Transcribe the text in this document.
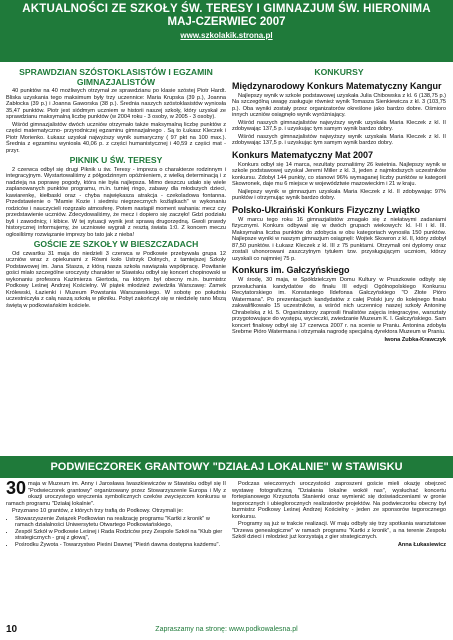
AKTUALNOŚCI ZE SZKOŁY ŚW. TERESY I GIMNAZJUM ŚW. HIERONIMA
MAJ-CZERWIEC 2007
www.szkolakik.strona.pl
SPRAWDZIAN SZÓSTOKLASISTÓW I EGZAMIN GIMNAZJALISTÓW

40 punktów na 40 możliwych otrzymał ze sprawdzianu po klasie szóstej Piotr Hardt. Bliska uzyskania tego maksimum były trzy uczennice: Maria Krupska (39 p.), Joanna Zabłocka (39 p.) i Joanna Gaworska (38 p.). Średnia naszych szóstoklasistów wyniosła 35,47 punktów. Piotr jest siódmym uczniem w historii naszej szkoły, który uzyskał ze sprawdzianu maksymalną liczbę punktów (w 2004 roku - 3 osoby, w 2005 - 3 osoby).

Wśród gimnazjalistów dwóch uczniów otrzymało także maksymalną liczbę punktów z części matematyczno- przyrodniczej egzaminu gimnazjalnego . Są to Łukasz Kleczek i Piotr Morienko. Łukasz uzyskał najwyższy wynik sumaryczny ( 97 pkt na 100 max.). Średnia z egzaminu wyniosła 40,06 p. z części humanistycznej i 40,59 z części mat - przyr.

PIKNIK U ŚW. TERESY

2 czerwca odbył się drugi Piknik u św. Teresy - impreza o charakterze rodzinnym i integracyjnym. Wystartowaliśmy z półgodzinnym opóźnieniem, z wielką determinacją i z nadzieją na poprawę pogody, która nie była najlepsza. Mimo deszczu udało się wiele zaplanowanych punktów programu, m.in. turniej ringo, zabawy dla młodszych dzieci, kawiarenkę, kiełbaski oraz - chyba najwiękasza atrakcja - czekoladowa fontanna. Przedstawienie o "Mamie Kozie i siedmiu niegrzecznych koźlątkach" w wykonaniu rodziców i nauczycieli rozgrzało atmosferę. Potem nastąpił moment wahania: mecz czy przedstawienie uczniów. Zdecydowaliśmy, że mecz i dopiero się zaczęło! Gdzi podziału byli i zawodnicy, i kibice. W tej sytuacji wynik jest sprawą drugorzędną. Gwoli prawdy historycznej informujemy, że uczniowie wygrali z resztą świata 1:0. Z koncem meczu ogłosiliśmy rozwiązanie imprezy bo tato jak z nieba!

GOŚCIE ZE SZKOŁY W BIESZCZADACH

Od czwartku 31 maja do niedzieli 3 czerwca w Podkowie przebywała grupa 12 uczniów wraz z opiekunami z Równi koło Ustrzyk Dolnych, z tamtejszej Szkoły Podstawowej im. Jana Stasza, z którą nasza szkoła nawiązała współpracę. Powitanie gości miało szczególne uroczysty charakter w Stawisku odbył się koncert chopinowski w wykonaniu profesora Kazimierza Giertoda, na którym był obecny m.in. burmistrz Podkowy Leśnej Andrzej Kościelny. W piątek młodzież zwiedziła Warszawę: Zamek Królewski, Łazienki i Muzeum Powstania Warszawskiego. W sobotę po południu uczestniczyła z całą naszą szkołą w pikniku. Pobyt zakończył się w niedzielę rano Mszą świętą w podkowiańskim kościele.

KONKURSY
Międzynarodowy Konkurs Matematyczny Kangur

Najlepszy wynik w szkole podstawowej uzyskała Julia Chibowska z kl. 6 (138,75 p.) Na szczególną uwagę zasługuje również wynik Tomasza Sienkiewicza z kl. 3 (103,75 p.). Oba wyniki zostały przez organizatorów określone jako bardzo dobre. Ośmioro innych uczniów osiągnęło wynik wyróżniający.

Wśród naszych gimnazjalistów najwyższy wynik uzyskała Maria Kleczek z kl. II zdobywając 137,5 p. i uzyskując tym samym wynik bardzo dobry.

Wśród naszych gimnazjalistów najwyższy wynik uzyskała Maria Kleczek z kl. II zdobywając 137,5 p. i uzyskując tym samym wynik bardzo dobry.

Konkurs Matematyczny Mat 2007

Konkurs odbył się 14 marca, rezultaty poznaliśmy 26 kwietnia. Najlepszy wynik w szkole podstawowej uzyskał Jeremi Miller z kl. 3, jeden z najmłodszych uczestników konkursu. Zdobył 144 punkty, co stanowi 96% wymaganej liczby punktów w kategorii Skowronek, daje mu 6 miejsce w województwie mazowieckim i 21 w kraju.

Najlepszy wynik w gimnazjum uzyskała Maria Kleczek z kl. II zdobywając 97% punktów i otrzymując wynik bardzo dobry.

Polsko-Ukraiński Konkurs Fizyczny Lwiątko

W marcu tego roku 16 gimnazjalistów zmagało się z niełatwymi zadaniami fizycznymi. Konkurs odbywał się w dwóch grupach wiekowych: kl. I-II i kl. III. Maksymalna liczba punktów do zdobycia w obu kategoriach wynosiła 150 punktów. Najlepsze wyniki w naszym gimnazjum osiągnęli: Wojtek Skowron z kl. II, który zdobył 87,50 punktów. i Łukasz Kleczek z kl. III z 75 punktami. Otrzymali oni dyplomy oraz zostali uhonorowani zaszczytnym tytułem tzw. przysługującym uczniom, którzy uzyskali co najmniej 75 p.

Konkurs im. Gałczyńskiego

W środę, 30 maja, w Spółdzielczym Domu Kultury w Pruszkowie odbyły się przesłuchania kandydatów do finału III edycji Ogólnopolskiego Konkursu Recytatorskiego im. Konstantego Ildefonsa Gałczyńskiego "O Złote Pióro Watermana". Po prezentacjach kandydatów z całej Polski jury do kolejnego finału zakwalifikowało 15 uczestników, a wśród nich uczennicę naszej szkoły Antoninę Chrabelską z kl. 5. Organizatorzy zaprosili finalistów zajęcia integracyjne, warsztaty przygotowujące do występu, wycieczki, zwiedzanie Muzeum K. I. Gałczyńskiego. Sam koncert finałowy odbył się 17 czerwca 2007 r. na scenie w Praniu. Antonina zdobyła Srebrne Pióro Watermana i otrzymała nagrodę specjalną dyrektora Muzeum w Praniu.

Iwona Zubka-Krawczyk

PODWIECZOREK GRANTOWY "DZIAŁAJ LOKALNIE" W STAWISKU

30 maja w Muzeum im. Anny i Jarosława Iwaszkiewiczów w Stawisku odbył się II "Podwieczorek grantowy" organizowany przez Stowarzyszenie Europa i My z okazji uroczystego wręczenia symbolicznych czeków zwycięzcom konkursu w ramach programu "Działaj lokalnie".

Przyznano 10 grantów, z których trzy trafią do Podkowy. Otrzymali je:

• Stowarzyszenie Związek Podkowian na realizację programu "Kartki z kronik" w ramach działalności Uniwersytetu Otwartego Podkowiańskiego,
• Zespół Szkół w Podkowie Leśnej i Rada Rodziców przy Zespole Szkół na "Klub gier strategicznych - graj z głową",
• Pośrodku Żywota - Towarzystwo Pieśni Dawnej "Pieśń dawna dostępna każdemu".

Podczas wieczornych uroczystości zaproszeni goście mieli okazję obejrzeć wystawę fotograficzną "Działania lokalne wokół nas", wysłuchać koncertu fortepianowego Krzysztofa Stanienki oraz wymienić się doświadczeniami w gronie tegorocznych i ubiegłorocznych realizatorów projektów. Na podwieczorku obecny był burmistrz Podkowy Leśnej Andrzej Kościelny - jeden ze sponsorów tegorocznego konkursu.

Programy są już w trakcie realizacji. W maju odbyły się trzy spotkania warsztatowe "Drzewa genealogiczne" w ramach programu "Kartki z kronik", a na terenie Zespołu Szkół dzieci i młodzież już korzystają z gier strategicznych.

Anna Łukasiewicz

10	Zapraszamy na stronę: www.podkowalesna.pl
